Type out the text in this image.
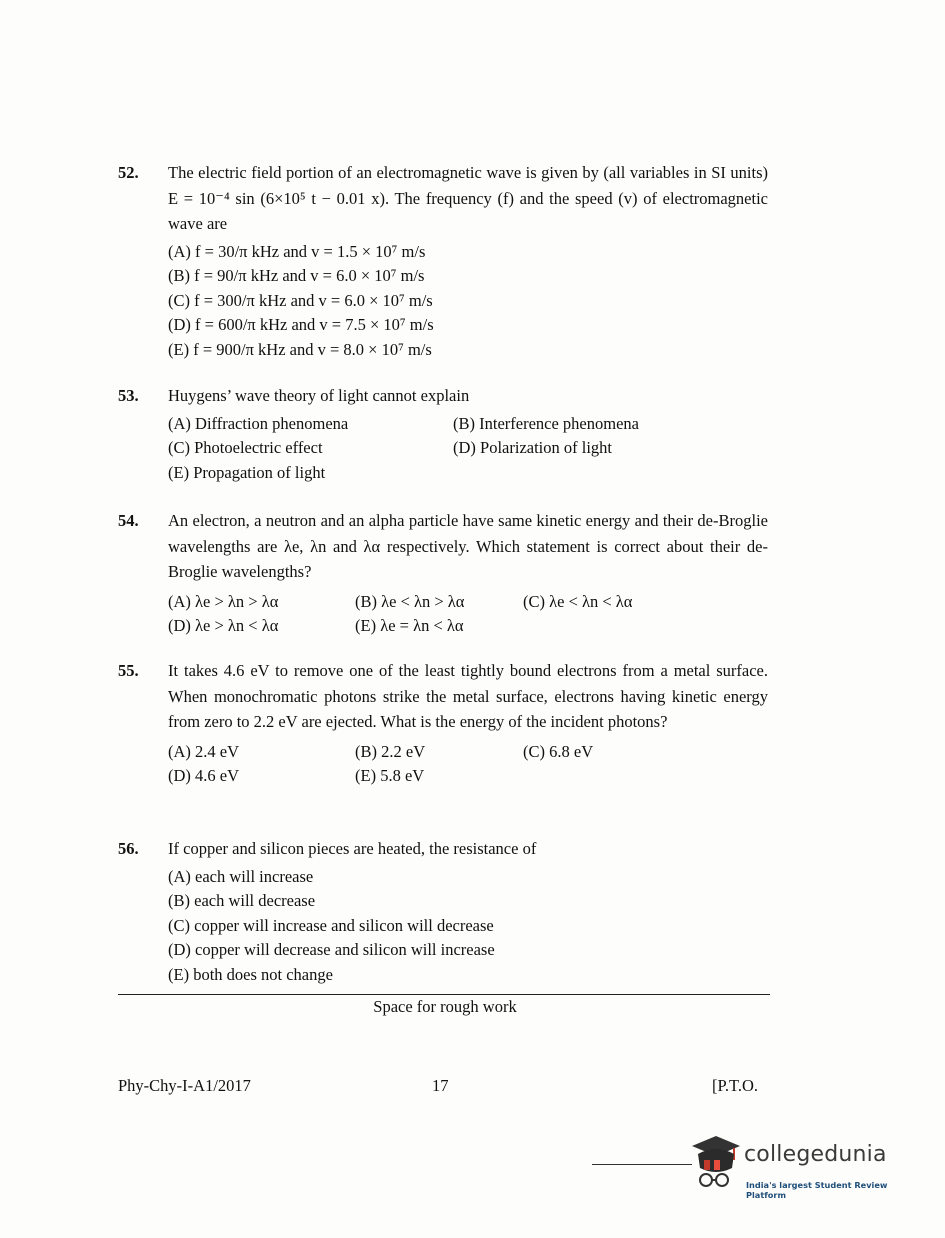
52. The electric field portion of an electromagnetic wave is given by (all variables in SI units) E = 10⁻⁴ sin (6×10⁵ t − 0.01 x). The frequency (f) and the speed (v) of electromagnetic wave are
(A) f = 30/π kHz and v = 1.5 × 10⁷ m/s
(B) f = 90/π kHz and v = 6.0 × 10⁷ m/s
(C) f = 300/π kHz and v = 6.0 × 10⁷ m/s
(D) f = 600/π kHz and v = 7.5 × 10⁷ m/s
(E) f = 900/π kHz and v = 8.0 × 10⁷ m/s
53. Huygens’ wave theory of light cannot explain
(A) Diffraction phenomena	(B) Interference phenomena
(C) Photoelectric effect	(D) Polarization of light
(E) Propagation of light
54. An electron, a neutron and an alpha particle have same kinetic energy and their de-Broglie wavelengths are λe, λn and λα respectively. Which statement is correct about their de-Broglie wavelengths?
(A) λe > λn > λα	(B) λe < λn > λα	(C) λe < λn < λα
(D) λe > λn < λα	(E) λe = λn < λα
55. It takes 4.6 eV to remove one of the least tightly bound electrons from a metal surface. When monochromatic photons strike the metal surface, electrons having kinetic energy from zero to 2.2 eV are ejected. What is the energy of the incident photons?
(A) 2.4 eV	(B) 2.2 eV	(C) 6.8 eV
(D) 4.6 eV	(E) 5.8 eV
56. If copper and silicon pieces are heated, the resistance of
(A) each will increase
(B) each will decrease
(C) copper will increase and silicon will decrease
(D) copper will decrease and silicon will increase
(E) both does not change
Space for rough work
Phy-Chy-I-A1/2017	17	[P.T.O.
collegedunia
India's largest Student Review Platform
